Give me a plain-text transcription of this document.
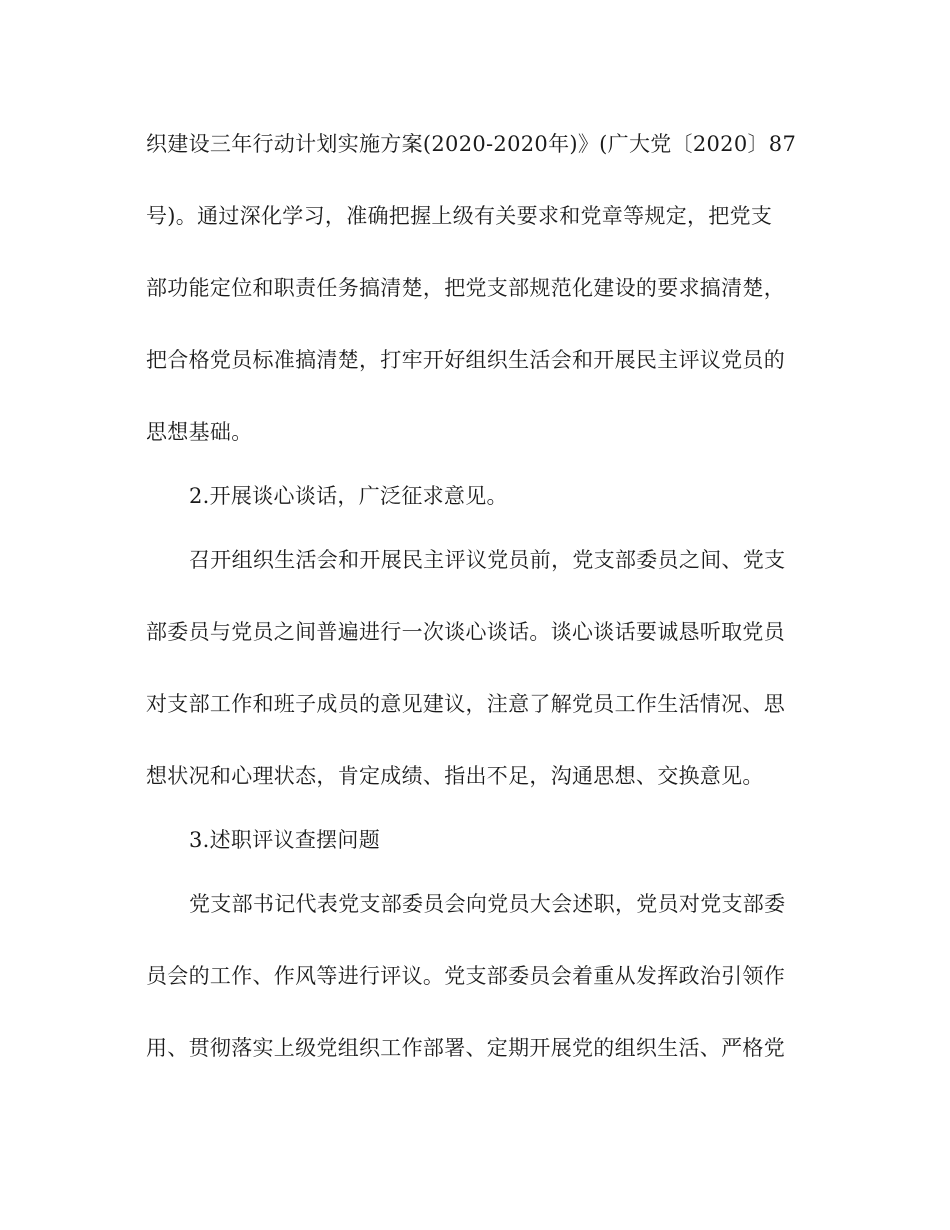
织建设三年行动计划实施方案(2020-2020年)》(广大党〔2020〕87
号)。通过深化学习，准确把握上级有关要求和党章等规定，把党支
部功能定位和职责任务搞清楚，把党支部规范化建设的要求搞清楚，
把合格党员标准搞清楚，打牢开好组织生活会和开展民主评议党员的
思想基础。
2.开展谈心谈话，广泛征求意见。
召开组织生活会和开展民主评议党员前，党支部委员之间、党支
部委员与党员之间普遍进行一次谈心谈话。谈心谈话要诚恳听取党员
对支部工作和班子成员的意见建议，注意了解党员工作生活情况、思
想状况和心理状态，肯定成绩、指出不足，沟通思想、交换意见。
3.述职评议查摆问题
党支部书记代表党支部委员会向党员大会述职，党员对党支部委
员会的工作、作风等进行评议。党支部委员会着重从发挥政治引领作
用、贯彻落实上级党组织工作部署、定期开展党的组织生活、严格党
